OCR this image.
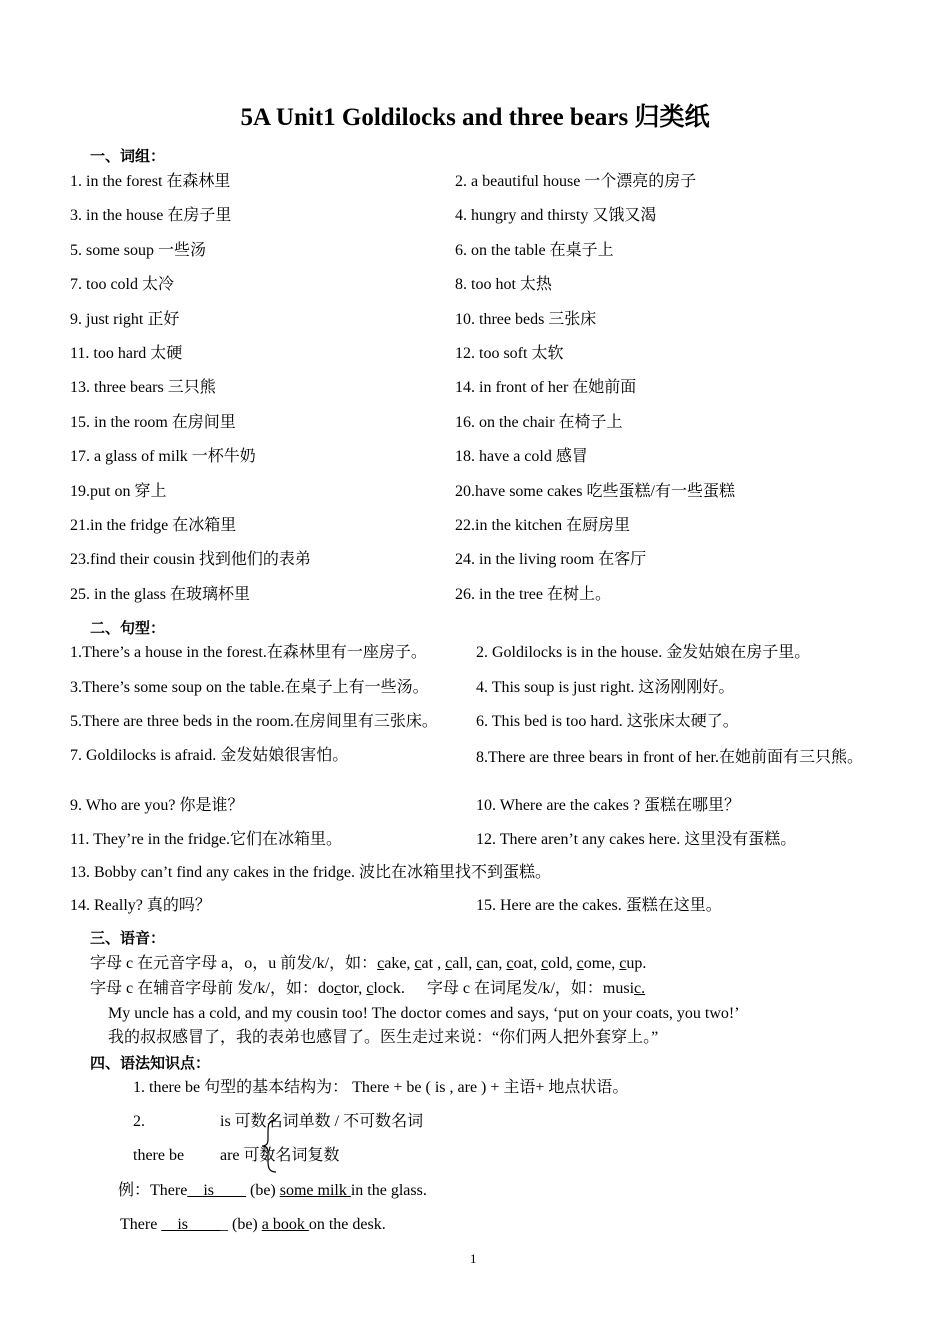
5A Unit1 Goldilocks and three bears 归类纸
一、词组：
1. in the forest 在森林里	2. a beautiful house 一个漂亮的房子
3. in the house 在房子里	4. hungry and thirsty 又饿又渴
5. some soup 一些汤	6. on the table 在桌子上
7. too cold 太冷	8. too hot 太热
9. just right 正好	10. three beds 三张床
11. too hard 太硬	12. too soft 太软
13. three bears 三只熊	14. in front of her 在她前面
15. in the room 在房间里	16. on the chair 在椅子上
17. a glass of milk 一杯牛奶	18. have a cold 感冒
19.put on 穿上	20.have some cakes 吃些蛋糕/有一些蛋糕
21.in the fridge 在冰箱里	22.in the kitchen 在厨房里
23.find their cousin 找到他们的表弟	24. in the living room 在客厅
25. in the glass 在玻璃杯里	26. in the tree 在树上。
二、句型：
1.There’s a house in the forest.在森林里有一座房子。	2. Goldilocks is in the house. 金发姑娘在房子里。
3.There’s some soup on the table.在桌子上有一些汤。	4. This soup is just right. 这汤刚刚好。
5.There are three beds in the room.在房间里有三张床。 6. This bed is too hard. 这张床太硬了。
7. Goldilocks is afraid. 金发姑娘很害怕。	8.There are three bears in front of her.在她前面有三只熊。
9. Who are you? 你是谁？	10. Where are the cakes ? 蛋糕在哪里？
11. They’re in the fridge.它们在冰箱里。	12. There aren’t any cakes here. 这里没有蛋糕。
13. Bobby can’t find any cakes in the fridge. 波比在冰箱里找不到蛋糕。
14. Really? 真的吗？	15. Here are the cakes. 蛋糕在这里。
三、语音：
字母 c 在元音字母 a，o，u 前发/k/，如：cake, cat , call, can, coat, cold, come, cup.
字母 c 在辅音字母前 发/k/，如：doctor, clock. 字母 c 在词尾发/k/，如：music.
My uncle has a cold, and my cousin too! The doctor comes and says, ‘put on your coats, you two!’
我的叔叔感冒了，我的表弟也感冒了。医生走过来说：“你们两人把外套穿上。”
四、语法知识点：
1. there be 句型的基本结构为： There + be ( is , are ) + 主语+ 地点状语。
2.	is 可数名词单数 / 不可数名词
there be are 可数名词复数
例：There__is____ (be) some milk in the glass.
There __is_____ (be) a book on the desk.
1
